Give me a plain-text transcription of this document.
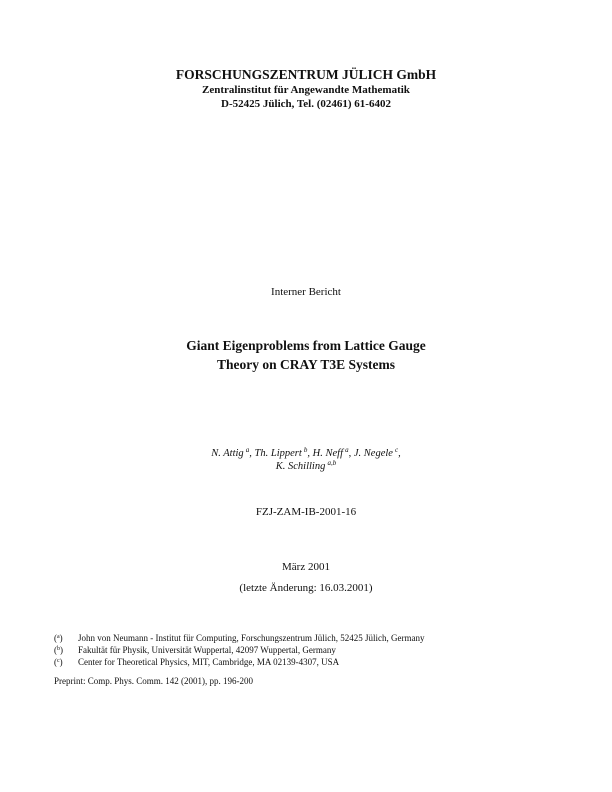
FORSCHUNGSZENTRUM JÜLICH GmbH
Zentralinstitut für Angewandte Mathematik
D-52425 Jülich, Tel. (02461) 61-6402
Interner Bericht
Giant Eigenproblems from Lattice Gauge
Theory on CRAY T3E Systems
N. Attig  $^a$, Th. Lippert  $^b$, H. Neff  $^a$, J. Negele  $^c$,
K. Schilling  $^{a,b}$
FZJ-ZAM-IB-2001-16
März 2001
(letzte Änderung: 16.03.2001)
($^a$)	John von Neumann - Institut für Computing, Forschungszentrum Jülich, 52425 Jülich, Germany
($^b$)	Fakultät für Physik, Universität Wuppertal, 42097 Wuppertal, Germany
($^c$)	Center for Theoretical Physics, MIT, Cambridge, MA 02139-4307, USA
Preprint: Comp. Phys. Comm. 142 (2001), pp. 196-200
